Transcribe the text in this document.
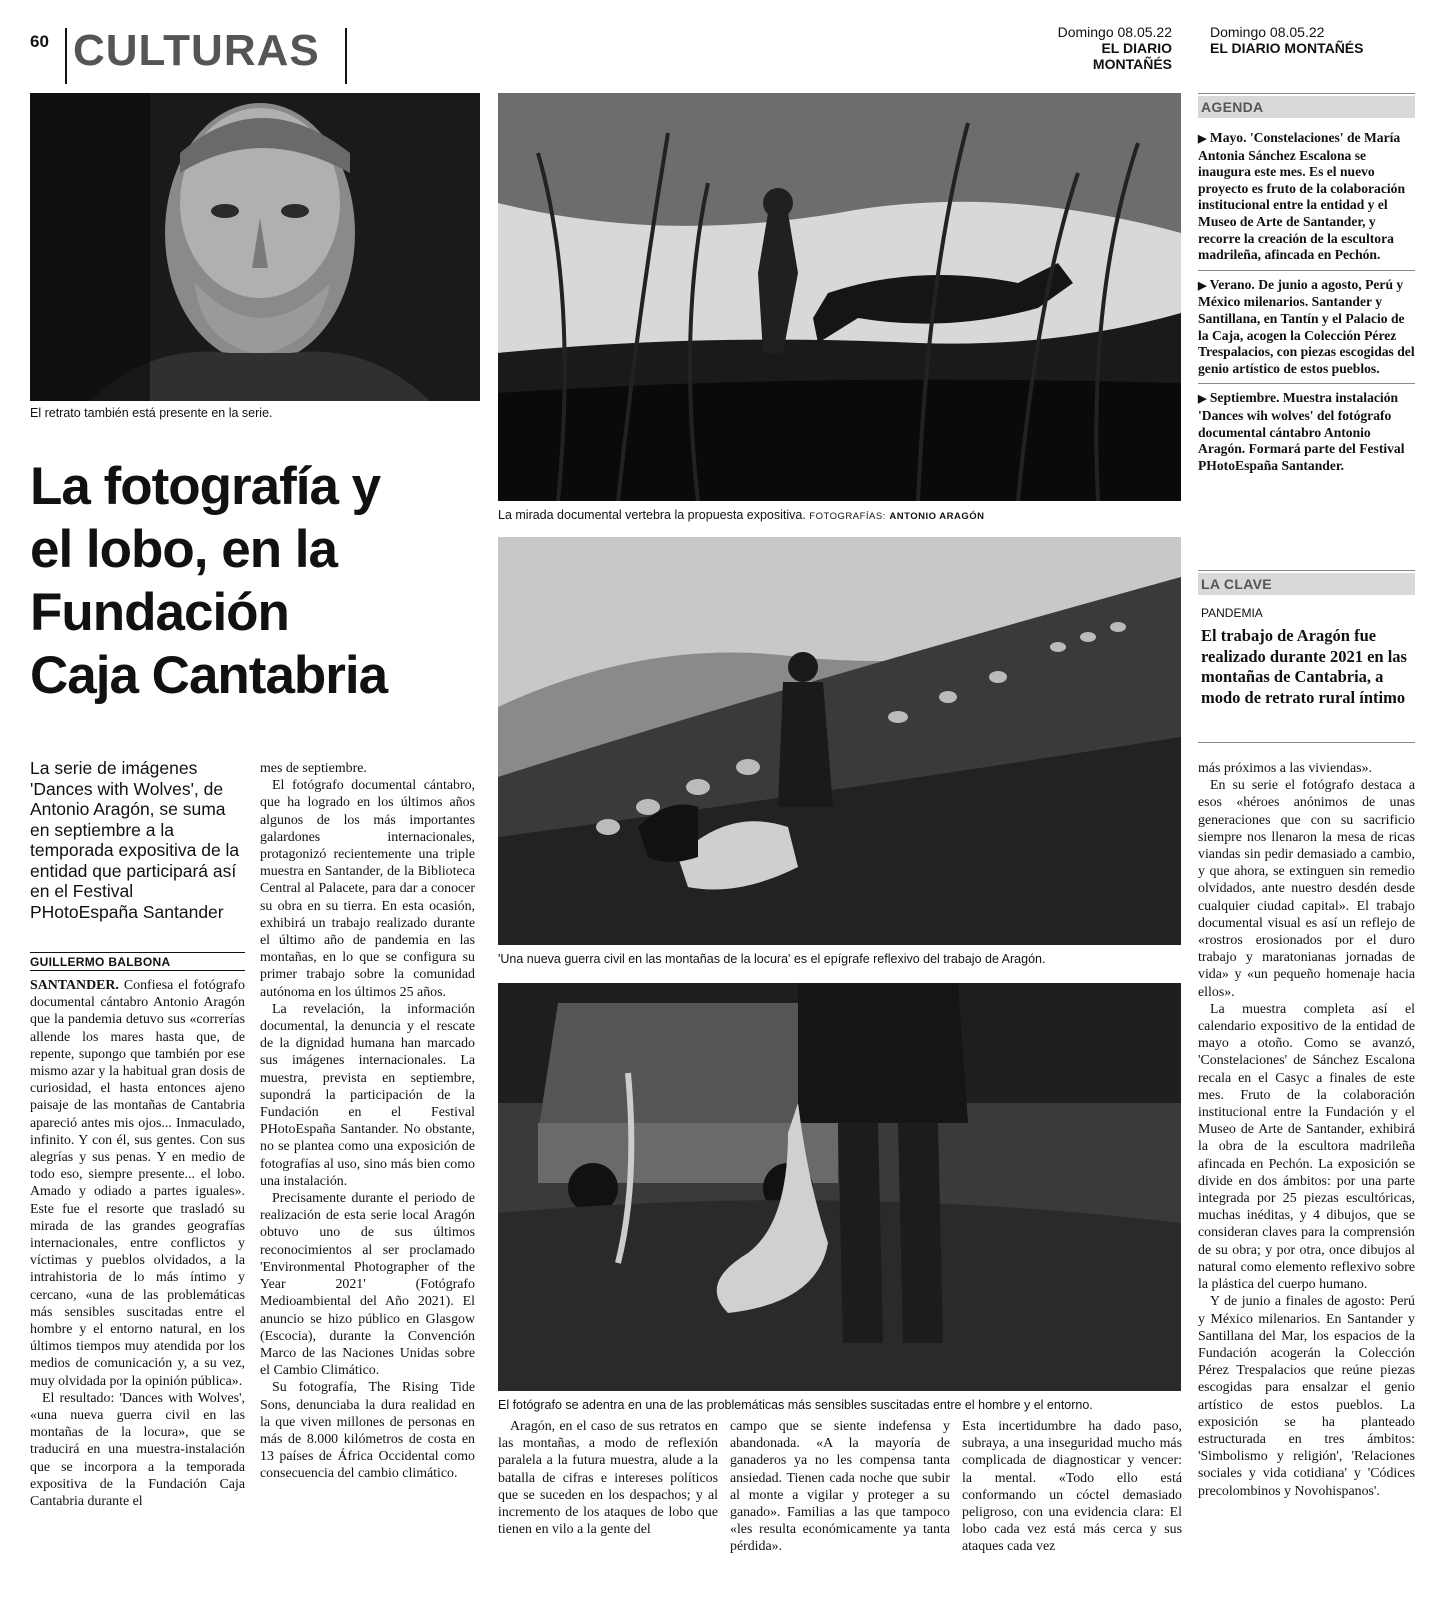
60 CULTURAS	Domingo 08.05.22
EL DIARIO MONTAÑÉS
Domingo 08.05.22
EL DIARIO MONTAÑÉS
El retrato también está presente en la serie.
La fotografía y
el lobo, en la
Fundación
Caja Cantabria
La serie de imágenes 'Dances with Wolves', de Antonio Aragón, se suma en septiembre a la temporada expositiva de la entidad que participará así en el Festival PHotoEspaña Santander
GUILLERMO BALBONA

SANTANDER. Confiesa el fotógrafo documental cántabro Antonio Aragón que la pandemia detuvo sus «correrías allende los mares hasta que, de repente, supongo que también por ese mismo azar y la habitual gran dosis de curiosidad, el hasta entonces ajeno paisaje de las montañas de Cantabria apareció antes mis ojos... Inmaculado, infinito. Y con él, sus gentes. Con sus alegrías y sus penas. Y en medio de todo eso, siempre presente... el lobo. Amado y odiado a partes iguales». Este fue el resorte que trasladó su mirada de las grandes geografías internacionales, entre conflictos y víctimas y pueblos olvidados, a la intrahistoria de lo más íntimo y cercano, «una de las problemáticas más sensibles suscitadas entre el hombre y el entorno natural, en los últimos tiempos muy atendida por los medios de comunicación y, a su vez, muy olvidada por la opinión pública».

El resultado: 'Dances with Wolves', «una nueva guerra civil en las montañas de la locura», que se traducirá en una muestra-instalación que se incorpora a la temporada expositiva de la Fundación Caja Cantabria durante el

mes de septiembre.

El fotógrafo documental cántabro, que ha logrado en los últimos años algunos de los más importantes galardones internacionales, protagonizó recientemente una triple muestra en Santander, de la Biblioteca Central al Palacete, para dar a conocer su obra en su tierra. En esta ocasión, exhibirá un trabajo realizado durante el último año de pandemia en las montañas, en lo que se configura su primer trabajo sobre la comunidad autónoma en los últimos 25 años.

La revelación, la información documental, la denuncia y el rescate de la dignidad humana han marcado sus imágenes internacionales. La muestra, prevista en septiembre, supondrá la participación de la Fundación en el Festival PHotoEspaña Santander. No obstante, no se plantea como una exposición de fotografías al uso, sino más bien como una instalación.

Precisamente durante el periodo de realización de esta serie local Aragón obtuvo uno de sus últimos reconocimientos al ser proclamado 'Environmental Photographer of the Year 2021' (Fotógrafo Medioambiental del Año 2021). El anuncio se hizo público en Glasgow (Escocia), durante la Convención Marco de las Naciones Unidas sobre el Cambio Climático.

Su fotografía, The Rising Tide Sons, denunciaba la dura realidad en la que viven millones de personas en más de 8.000 kilómetros de costa en 13 países de África Occidental como consecuencia del cambio climático.

La mirada documental vertebra la propuesta expositiva. FOTOGRAFÍAS: ANTONIO ARAGÓN
'Una nueva guerra civil en las montañas de la locura' es el epígrafe reflexivo del trabajo de Aragón.
El fotógrafo se adentra en una de las problemáticas más sensibles suscitadas entre el hombre y el entorno.

Aragón, en el caso de sus retratos en las montañas, a modo de reflexión paralela a la futura muestra, alude a la batalla de cifras e intereses políticos que se suceden en los despachos; y al incremento de los ataques de lobo que tienen en vilo a la gente del

campo que se siente indefensa y abandonada. «A la mayoría de ganaderos ya no les compensa tanta ansiedad. Tienen cada noche que subir al monte a vigilar y proteger a su ganado». Familias a las que tampoco «les resulta económicamente ya tanta pérdida».

Esta incertidumbre ha dado paso, subraya, a una inseguridad mucho más complicada de diagnosticar y vencer: la mental. «Todo ello está conformando un cóctel demasiado peligroso, con una evidencia clara: El lobo cada vez está más cerca y sus ataques cada vez

AGENDA
▶ Mayo. 'Constelaciones' de María Antonia Sánchez Escalona se inaugura este mes. Es el nuevo proyecto es fruto de la colaboración institucional entre la entidad y el Museo de Arte de Santander, y recorre la creación de la escultora madrileña, afincada en Pechón.
▶ Verano. De junio a agosto, Perú y México milenarios. Santander y Santillana, en Tantín y el Palacio de la Caja, acogen la Colección Pérez Trespalacios, con piezas escogidas del genio artístico de estos pueblos.
▶ Septiembre. Muestra instalación 'Dances wih wolves' del fotógrafo documental cántabro Antonio Aragón. Formará parte del Festival PHotoEspaña Santander.
LA CLAVE
PANDEMIA
El trabajo de Aragón fue realizado durante 2021 en las montañas de Cantabria, a modo de retrato rural íntimo

más próximos a las viviendas».

En su serie el fotógrafo destaca a esos «héroes anónimos de unas generaciones que con su sacrificio siempre nos llenaron la mesa de ricas viandas sin pedir demasiado a cambio, y que ahora, se extinguen sin remedio olvidados, ante nuestro desdén desde cualquier ciudad capital». El trabajo documental visual es así un reflejo de «rostros erosionados por el duro trabajo y maratonianas jornadas de vida» y «un pequeño homenaje hacia ellos».

La muestra completa así el calendario expositivo de la entidad de mayo a otoño. Como se avanzó, 'Constelaciones' de Sánchez Escalona recala en el Casyc a finales de este mes. Fruto de la colaboración institucional entre la Fundación y el Museo de Arte de Santander, exhibirá la obra de la escultora madrileña afincada en Pechón. La exposición se divide en dos ámbitos: por una parte integrada por 25 piezas escultóricas, muchas inéditas, y 4 dibujos, que se consideran claves para la comprensión de su obra; y por otra, once dibujos al natural como elemento reflexivo sobre la plástica del cuerpo humano.

Y de junio a finales de agosto: Perú y México milenarios. En Santander y Santillana del Mar, los espacios de la Fundación acogerán la Colección Pérez Trespalacios que reúne piezas escogidas para ensalzar el genio artístico de estos pueblos. La exposición se ha planteado estructurada en tres ámbitos: 'Simbolismo y religión', 'Relaciones sociales y vida cotidiana' y 'Códices precolombinos y Novohispanos'.
